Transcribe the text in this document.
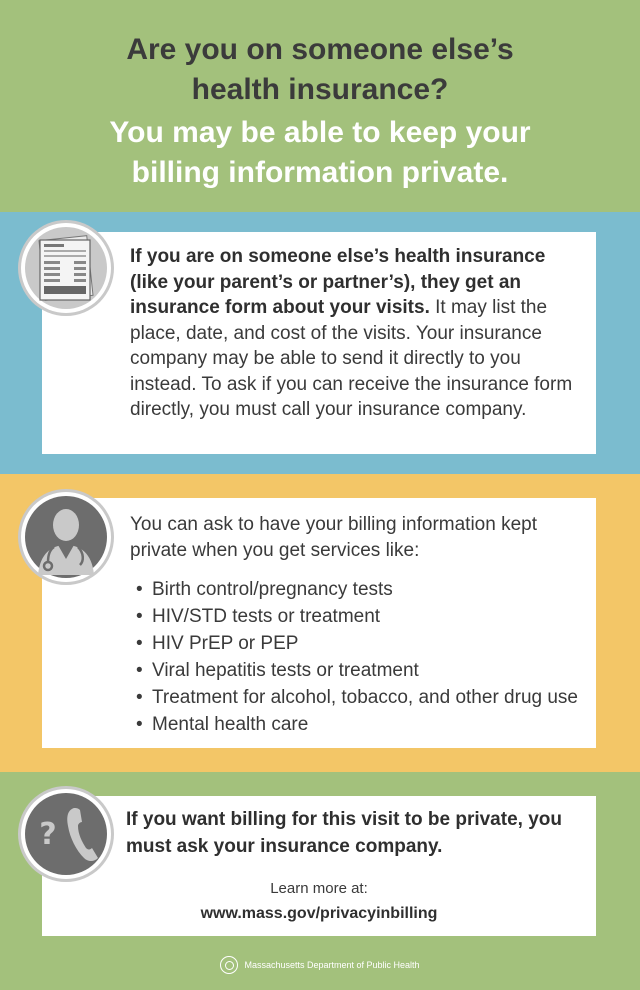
Are you on someone else’s
health insurance?
You may be able to keep your
billing information private.

If you are on someone else’s health insurance (like your parent’s or partner’s), they get an insurance form about your visits. It may list the place, date, and cost of the visits. Your insurance company may be able to send it directly to you instead. To ask if you can receive the insurance form directly, you must call your insurance company.

You can ask to have your billing information kept private when you get services like:

• Birth control/pregnancy tests
• HIV/STD tests or treatment
• HIV PrEP or PEP
• Viral hepatitis tests or treatment
• Treatment for alcohol, tobacco, and other drug use
• Mental health care

If you want billing for this visit to be private, you must ask your insurance company.

Learn more at:

www.mass.gov/privacyinbilling

?
Massachusetts Department of Public Health
